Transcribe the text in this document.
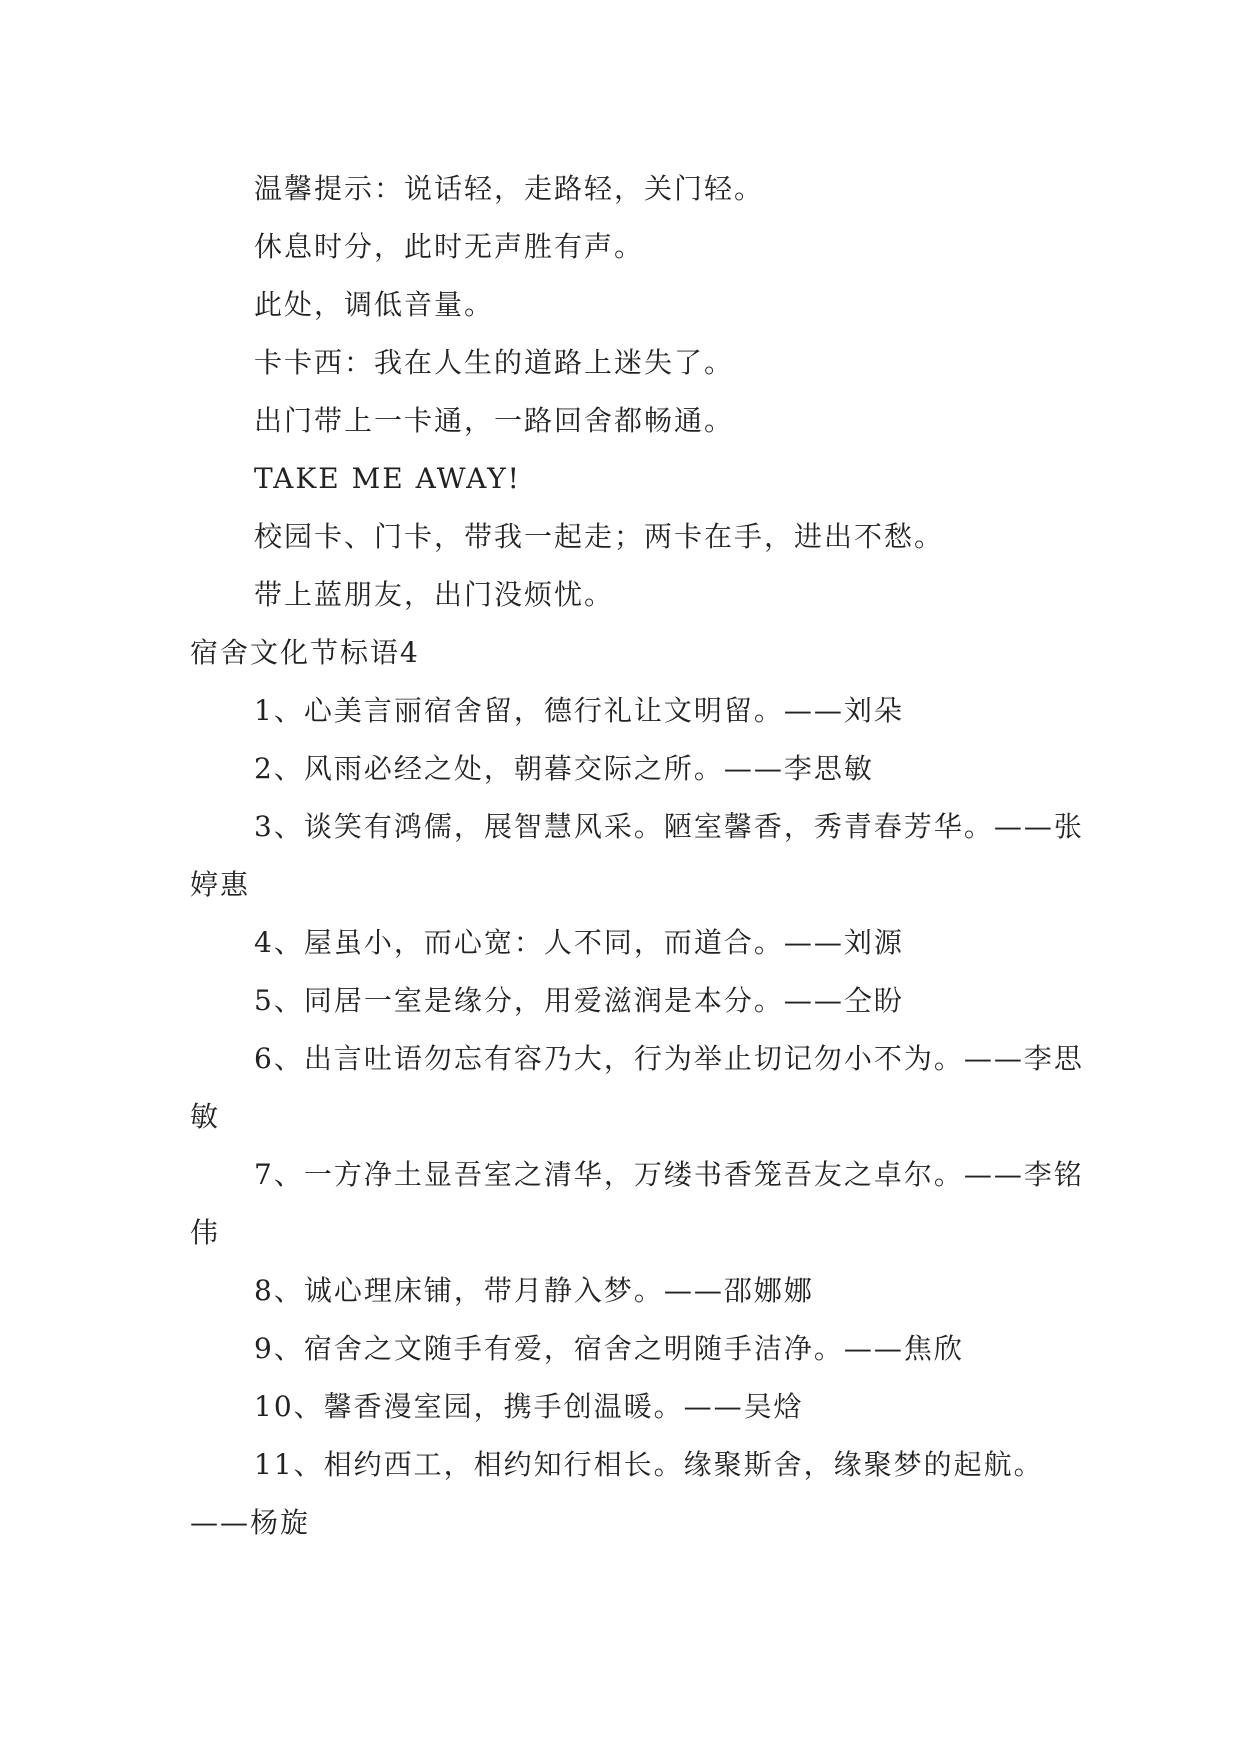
温馨提示：说话轻，走路轻，关门轻。
休息时分，此时无声胜有声。
此处，调低音量。
卡卡西：我在人生的道路上迷失了。
出门带上一卡通，一路回舍都畅通。
TAKE ME AWAY!
校园卡、门卡，带我一起走；两卡在手，进出不愁。
带上蓝朋友，出门没烦忧。
宿舍文化节标语4
1、心美言丽宿舍留，德行礼让文明留。——刘朵
2、风雨必经之处，朝暮交际之所。——李思敏
3、谈笑有鸿儒，展智慧风采。陋室馨香，秀青春芳华。——张婷惠
4、屋虽小，而心宽：人不同，而道合。——刘源
5、同居一室是缘分，用爱滋润是本分。——仝盼
6、出言吐语勿忘有容乃大，行为举止切记勿小不为。——李思敏
7、一方净土显吾室之清华，万缕书香笼吾友之卓尔。——李铭伟
8、诚心理床铺，带月静入梦。——邵娜娜
9、宿舍之文随手有爱，宿舍之明随手洁净。——焦欣
10、馨香漫室园，携手创温暖。——吴焓
11、相约西工，相约知行相长。缘聚斯舍，缘聚梦的起航。——杨旋
